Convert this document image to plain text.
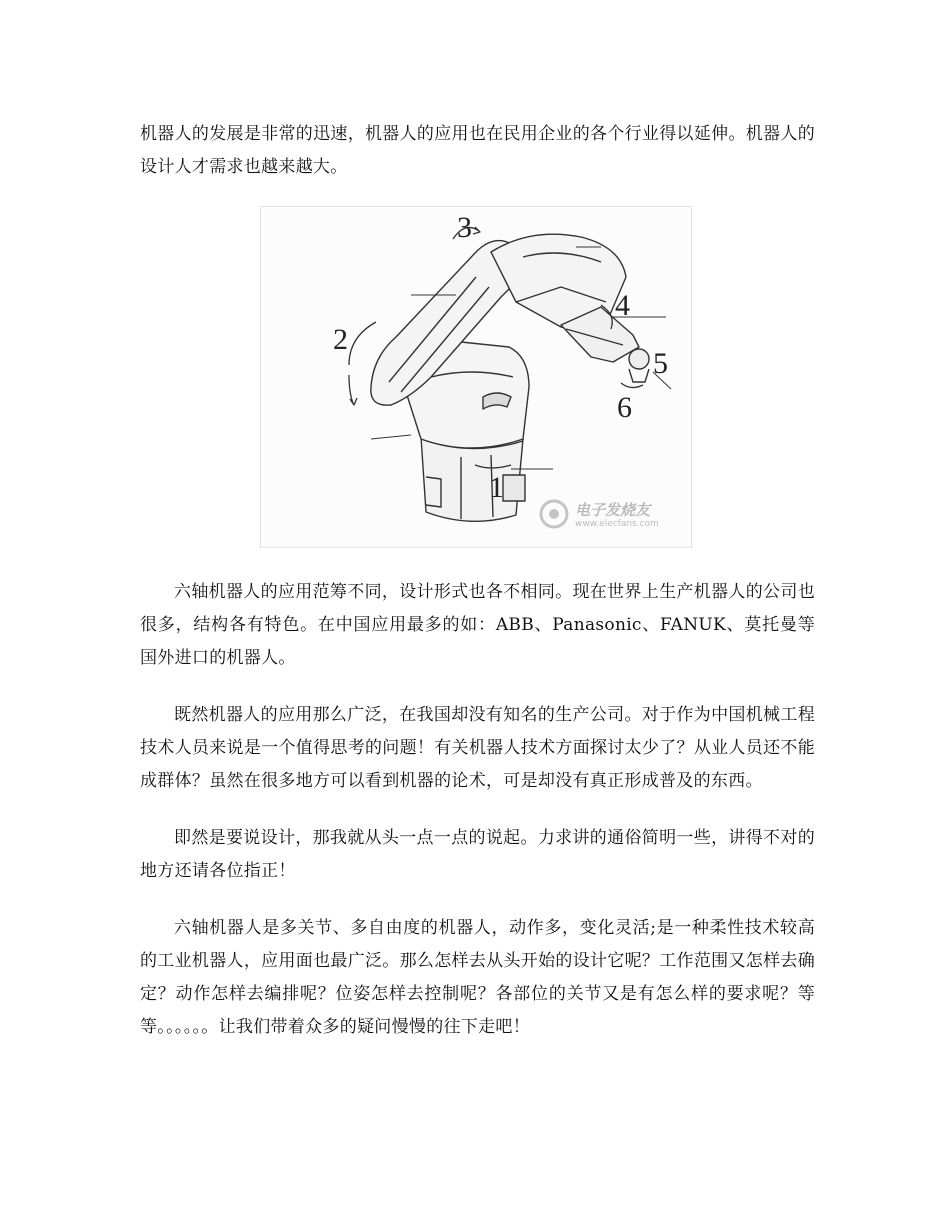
机器人的发展是非常的迅速，机器人的应用也在民用企业的各个行业得以延伸。机器人的设计人才需求也越来越大。

3
2
4
5
6
1
电子发烧友
www.elecfans.com

六轴机器人的应用范筹不同，设计形式也各不相同。现在世界上生产机器人的公司也很多，结构各有特色。在中国应用最多的如：ABB、Panasonic、FANUK、莫托曼等国外进口的机器人。

既然机器人的应用那么广泛，在我国却没有知名的生产公司。对于作为中国机械工程技术人员来说是一个值得思考的问题！有关机器人技术方面探讨太少了？从业人员还不能成群体？虽然在很多地方可以看到机器的论术，可是却没有真正形成普及的东西。

即然是要说设计，那我就从头一点一点的说起。力求讲的通俗简明一些，讲得不对的地方还请各位指正！

六轴机器人是多关节、多自由度的机器人，动作多，变化灵活;是一种柔性技术较高的工业机器人，应用面也最广泛。那么怎样去从头开始的设计它呢？工作范围又怎样去确定？动作怎样去编排呢？位姿怎样去控制呢？各部位的关节又是有怎么样的要求呢？等等。。。。。。让我们带着众多的疑问慢慢的往下走吧！
